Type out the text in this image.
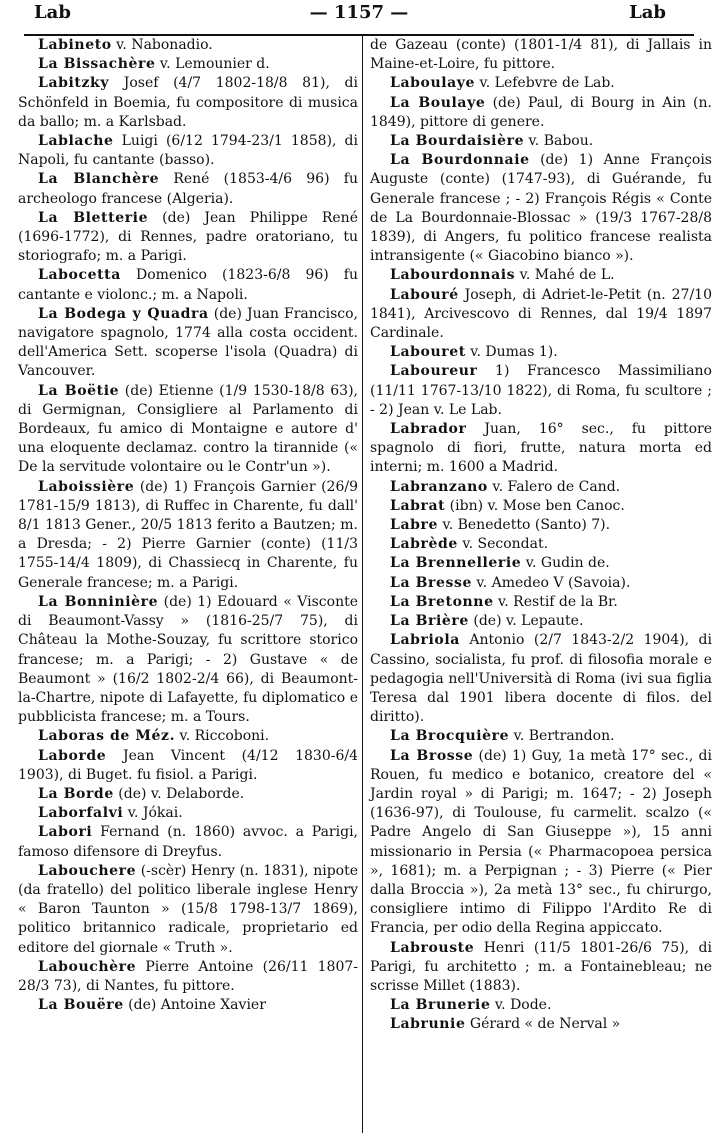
Lab	— 1157 —	Lab

Labineto v. Nabonadio.

La Bissachère v. Lemounier d.

Labitzky Josef (4/7 1802-18/8 81), di Schönfeld in Boemia, fu compositore di musica da ballo; m. a Karlsbad.

Lablache Luigi (6/12 1794-23/1 1858), di Napoli, fu cantante (basso).

La Blanchère René (1853-4/6 96) fu archeologo francese (Algeria).

La Bletterie (de) Jean Philippe René (1696-1772), di Rennes, padre oratoriano, tu storiografo; m. a Parigi.

Labocetta Domenico (1823-6/8 96) fu cantante e violonc.; m. a Napoli.

La Bodega y Quadra (de) Juan Francisco, navigatore spagnolo, 1774 alla costa occident. dell'America Sett. scoperse l'isola (Quadra) di Vancouver.

La Boëtie (de) Etienne (1/9 1530-18/8 63), di Germignan, Consigliere al Parlamento di Bordeaux, fu amico di Montaigne e autore d' una eloquente declamaz. contro la tirannide (« De la servitude volontaire ou le Contr'un »).

Laboissière (de) 1) François Garnier (26/9 1781-15/9 1813), di Ruffec in Charente, fu dall' 8/1 1813 Gener., 20/5 1813 ferito a Bautzen; m. a Dresda; - 2) Pierre Garnier (conte) (11/3 1755-14/4 1809), di Chassiecq in Charente, fu Generale francese; m. a Parigi.

La Bonninière (de) 1) Edouard « Visconte di Beaumont-Vassy » (1816-25/7 75), di Château la Mothe-Souzay, fu scrittore storico francese; m. a Parigi; - 2) Gustave « de Beaumont » (16/2 1802-2/4 66), di Beaumont-la-Chartre, nipote di Lafayette, fu diplomatico e pubblicista francese; m. a Tours.

Laboras de Méz. v. Riccoboni.

Laborde Jean Vincent (4/12 1830-6/4 1903), di Buget. fu fisiol. a Parigi.

La Borde (de) v. Delaborde.

Laborfalvi v. Jókai.

Labori Fernand (n. 1860) avvoc. a Parigi, famoso difensore di Dreyfus.

Labouchere (-scèr) Henry (n. 1831), nipote (da fratello) del politico liberale inglese Henry « Baron Taunton » (15/8 1798-13/7 1869), politico britannico radicale, proprietario ed editore del giornale « Truth ».

Labouchère Pierre Antoine (26/11 1807-28/3 73), di Nantes, fu pittore.

La Bouëre (de) Antoine Xavier

de Gazeau (conte) (1801-1/4 81), di Jallais in Maine-et-Loire, fu pittore.

Laboulaye v. Lefebvre de Lab.

La Boulaye (de) Paul, di Bourg in Ain (n. 1849), pittore di genere.

La Bourdaisière v. Babou.

La Bourdonnaie (de) 1) Anne François Auguste (conte) (1747-93), di Guérande, fu Generale francese ; - 2) François Régis « Conte de La Bourdonnaie-Blossac » (19/3 1767-28/8 1839), di Angers, fu politico francese realista intransigente (« Giacobino bianco »).

Labourdonnais v. Mahé de L.

Labouré Joseph, di Adriet-le-Petit (n. 27/10 1841), Arcivescovo di Rennes, dal 19/4 1897 Cardinale.

Labouret v. Dumas 1).

Laboureur 1) Francesco Massimiliano (11/11 1767-13/10 1822), di Roma, fu scultore ; - 2) Jean v. Le Lab.

Labrador Juan, 16° sec., fu pittore spagnolo di fiori, frutte, natura morta ed interni; m. 1600 a Madrid.

Labranzano v. Falero de Cand.

Labrat (ibn) v. Mose ben Canoc.

Labre v. Benedetto (Santo) 7).

Labrède v. Secondat.

La Brennellerie v. Gudin de.

La Bresse v. Amedeo V (Savoia).

La Bretonne v. Restif de la Br.

La Brière (de) v. Lepaute.

Labriola Antonio (2/7 1843-2/2 1904), di Cassino, socialista, fu prof. di filosofia morale e pedagogia nell'Università di Roma (ivi sua figlia Teresa dal 1901 libera docente di filos. del diritto).

La Brocquière v. Bertrandon.

La Brosse (de) 1) Guy, 1a metà 17° sec., di Rouen, fu medico e botanico, creatore del « Jardin royal » di Parigi; m. 1647; - 2) Joseph (1636-97), di Toulouse, fu carmelit. scalzo (« Padre Angelo di San Giuseppe »), 15 anni missionario in Persia (« Pharmacopoea persica », 1681); m. a Perpignan ; - 3) Pierre (« Pier dalla Broccia »), 2a metà 13° sec., fu chirurgo, consigliere intimo di Filippo l'Ardito Re di Francia, per odio della Regina appiccato.

Labrouste Henri (11/5 1801-26/6 75), di Parigi, fu architetto ; m. a Fontainebleau; ne scrisse Millet (1883).

La Brunerie v. Dode.

Labrunie Gérard « de Nerval »
